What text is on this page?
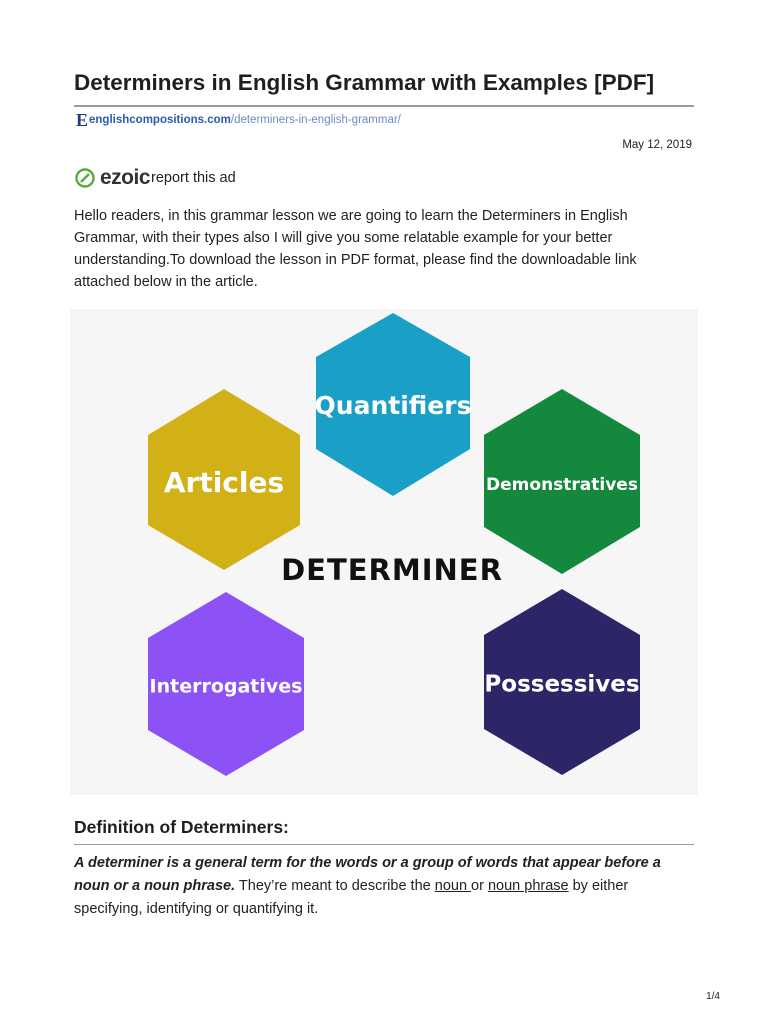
Determiners in English Grammar with Examples [PDF]
E englishcompositions.com /determiners-in-english-grammar/
May 12, 2019
ezoic report this ad

Hello readers, in this grammar lesson we are going to learn the Determiners in English Grammar, with their types also I will give you some relatable example for your better understanding.To download the lesson in PDF format, please find the downloadable link attached below in the article.

Quantifiers
Articles	Demonstratives
Interrogatives	Possessives
DETERMINER
Definition of Determiners:

A determiner is a general term for the words or a group of words that appear before a noun or a noun phrase. They’re meant to describe the noun or noun phrase by either specifying, identifying or quantifying it.

1/4
